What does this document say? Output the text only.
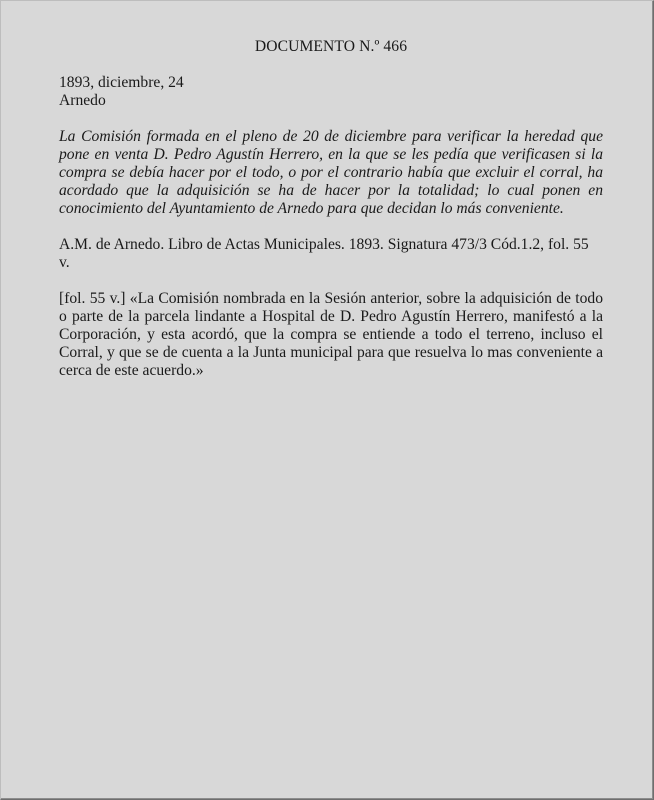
DOCUMENTO N.º 466

1893, diciembre, 24

Arnedo

La Comisión formada en el pleno de 20 de diciembre para verificar la heredad que pone en venta D. Pedro Agustín Herrero, en la que se les pedía que verificasen si la compra se debía hacer por el todo, o por el contrario había que excluir el corral, ha acordado que la adquisición se ha de hacer por la totalidad; lo cual ponen en conocimiento del Ayuntamiento de Arnedo para que decidan lo más conveniente.

A.M. de Arnedo. Libro de Actas Municipales. 1893. Signatura 473/3 Cód.1.2, fol. 55 v.

[fol. 55 v.] «La Comisión nombrada en la Sesión anterior, sobre la adquisición de todo o parte de la parcela lindante a Hospital de D. Pedro Agustín Herrero, manifestó a la Corporación, y esta acordó, que la compra se entiende a todo el terreno, incluso el Corral, y que se de cuenta a la Junta municipal para que resuelva lo mas conveniente a cerca de este acuerdo.»
